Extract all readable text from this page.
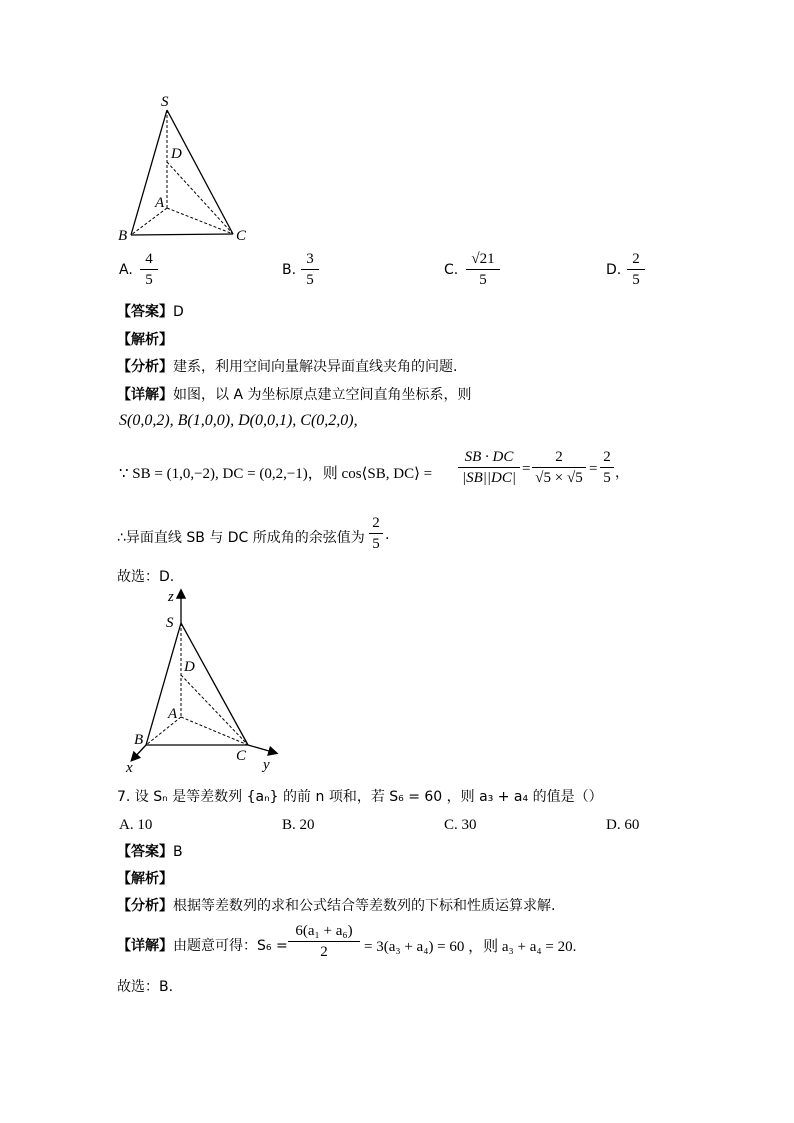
S
D
A
B	C
A.
4
5
B.
3
5
C.
√21
5
D.
2
5
【答案】D
【解析】
【分析】建系，利用空间向量解决异面直线夹角的问题.
【详解】如图，以 A 为坐标原点建立空间直角坐标系，则
S(0,0,2), B(1,0,0), D(0,0,1), C(0,2,0),
∵ SB = (1,0,−2), DC = (0,2,−1)，则 cos⟨SB, DC⟩ =
SB · DC
|SB||DC|
=
2
√5 × √5
=
2
5 ，
∴异面直线 SB 与 DC 所成角的余弦值为
2
5
.
故选：D.
z
S
D
A
B
C
x	y
7. 设 Sₙ 是等差数列 {aₙ} 的前 n 项和，若 S₆ = 60 ，则 a₃ + a₄ 的值是（）
A. 10	B. 20	C. 30	D. 60
【答案】B
【解析】
【分析】根据等差数列的求和公式结合等差数列的下标和性质运算求解.
【详解】由题意可得：S₆ =
6(a₁ + a₆)
2	= 3(a₃ + a₄) = 60 ，则 a₃ + a₄ = 20.
故选：B.
